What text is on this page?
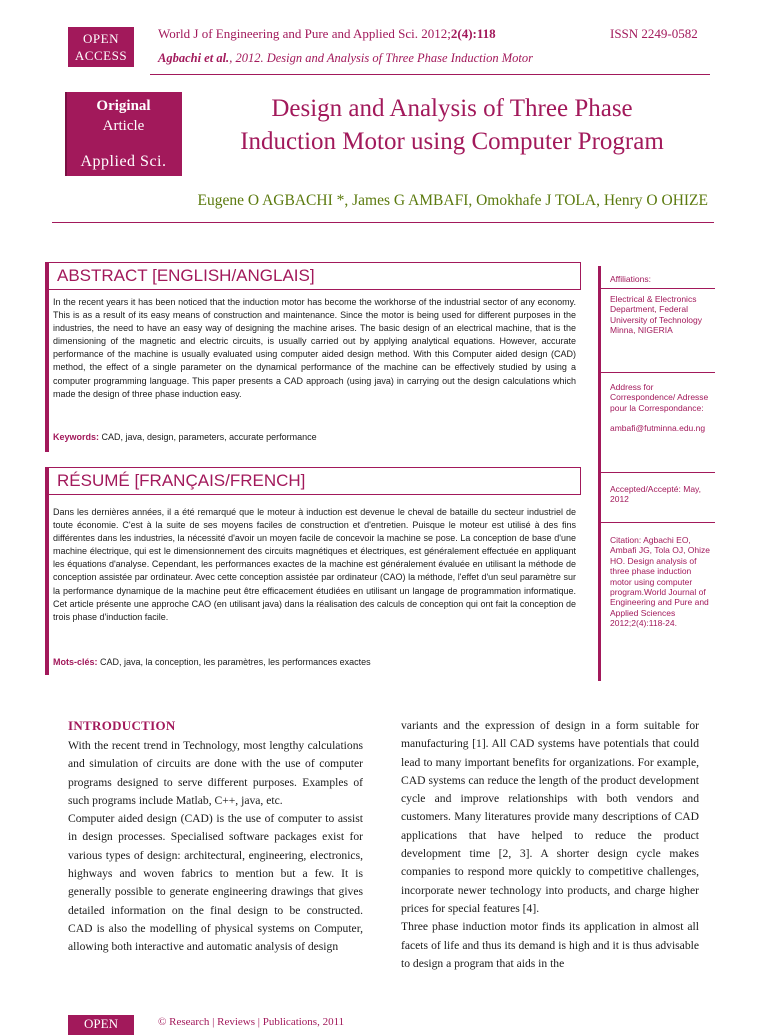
OPEN
ACCESS
World J of Engineering and Pure and Applied Sci. 2012;2(4):118	ISSN 2249-0582
Agbachi et al., 2012. Design and Analysis of Three Phase Induction Motor
Original
Article
Applied Sci.
Design and Analysis of Three Phase
Induction Motor using Computer Program
Eugene O AGBACHI *, James G AMBAFI, Omokhafe J TOLA, Henry O OHIZE
ABSTRACT [ENGLISH/ANGLAIS]
In the recent years it has been noticed that the induction motor has become the workhorse of the industrial sector of any economy. This is as a result of its easy means of construction and maintenance. Since the motor is being used for different purposes in the industries, the need to have an easy way of designing the machine arises. The basic design of an electrical machine, that is the dimensioning of the magnetic and electric circuits, is usually carried out by applying analytical equations. However, accurate performance of the machine is usually evaluated using computer aided design method. With this Computer aided design (CAD) method, the effect of a single parameter on the dynamical performance of the machine can be effectively studied by using a computer programming language. This paper presents a CAD approach (using java) in carrying out the design calculations which made the design of three phase induction easy.
Keywords: CAD, java, design, parameters, accurate performance
RÉSUMÉ [FRANÇAIS/FRENCH]
Dans les dernières années, il a été remarqué que le moteur à induction est devenue le cheval de bataille du secteur industriel de toute économie. C'est à la suite de ses moyens faciles de construction et d'entretien. Puisque le moteur est utilisé à des fins différentes dans les industries, la nécessité d'avoir un moyen facile de concevoir la machine se pose. La conception de base d'une machine électrique, qui est le dimensionnement des circuits magnétiques et électriques, est généralement effectuée en appliquant les équations d'analyse. Cependant, les performances exactes de la machine est généralement évaluée en utilisant la méthode de conception assistée par ordinateur. Avec cette conception assistée par ordinateur (CAO) la méthode, l'effet d'un seul paramètre sur la performance dynamique de la machine peut être efficacement étudiées en utilisant un langage de programmation informatique. Cet article présente une approche CAO (en utilisant java) dans la réalisation des calculs de conception qui ont fait la conception de trois phase d'induction facile.
Mots-clés: CAD, java, la conception, les paramètres, les performances exactes
Affiliations:
Electrical & Electronics Department, Federal University of Technology Minna, NIGERIA
Address for Correspondence/ Adresse pour la Correspondance:
ambafi@futminna.edu.ng
Accepted/Accepté: May, 2012
Citation: Agbachi EO, Ambafi JG, Tola OJ, Ohize HO. Design analysis of three phase induction motor using computer program.World Journal of Engineering and Pure and Applied Sciences 2012;2(4):118-24.
INTRODUCTION

With the recent trend in Technology, most lengthy calculations and simulation of circuits are done with the use of computer programs designed to serve different purposes. Examples of such programs include Matlab, C++, java, etc.

Computer aided design (CAD) is the use of computer to assist in design processes. Specialised software packages exist for various types of design: architectural, engineering, electronics, highways and woven fabrics to mention but a few. It is generally possible to generate engineering drawings that gives detailed information on the final design to be constructed. CAD is also the modelling of physical systems on Computer, allowing both interactive and automatic analysis of design

variants and the expression of design in a form suitable for manufacturing [1]. All CAD systems have potentials that could lead to many important benefits for organizations. For example, CAD systems can reduce the length of the product development cycle and improve relationships with both vendors and customers. Many literatures provide many descriptions of CAD applications that have helped to reduce the product development time [2, 3]. A shorter design cycle makes companies to respond more quickly to competitive challenges, incorporate newer technology into products, and charge higher prices for special features [4].

Three phase induction motor finds its application in almost all facets of life and thus its demand is high and it is thus advisable to design a program that aids in the

OPEN	© Research | Reviews | Publications, 2011
